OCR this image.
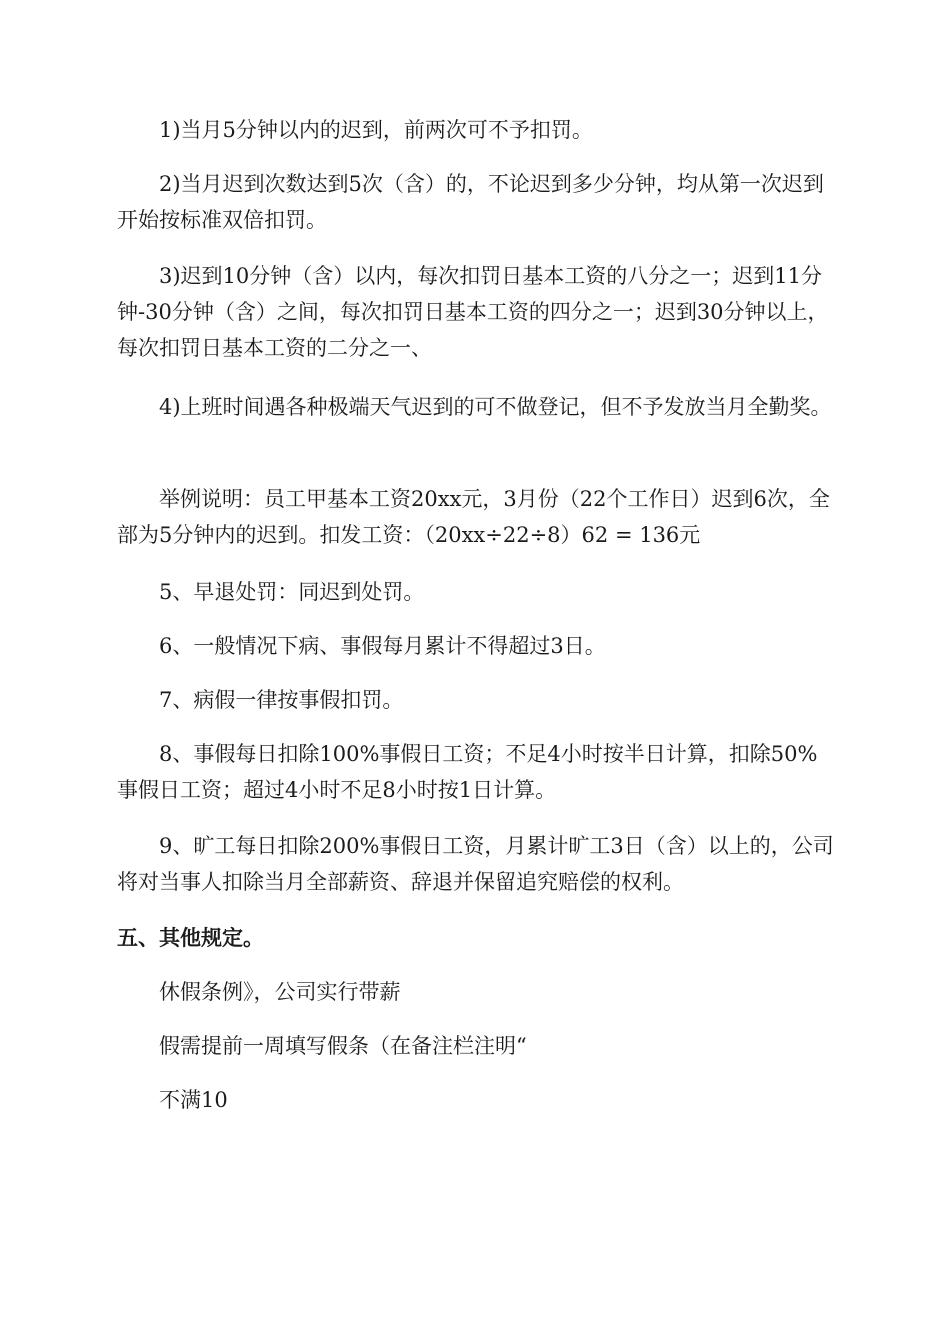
1)当月5分钟以内的迟到，前两次可不予扣罚。

2)当月迟到次数达到5次（含）的，不论迟到多少分钟，均从第一次迟到开始按标准双倍扣罚。

3)迟到10分钟（含）以内，每次扣罚日基本工资的八分之一；迟到11分钟-30分钟（含）之间，每次扣罚日基本工资的四分之一；迟到30分钟以上，每次扣罚日基本工资的二分之一、

4)上班时间遇各种极端天气迟到的可不做登记，但不予发放当月全勤奖。

举例说明：员工甲基本工资20xx元，3月份（22个工作日）迟到6次，全部为5分钟内的迟到。扣发工资：（20xx÷22÷8）62 = 136元

5、早退处罚：同迟到处罚。

6、一般情况下病、事假每月累计不得超过3日。

7、病假一律按事假扣罚。

8、事假每日扣除100%事假日工资；不足4小时按半日计算，扣除50%事假日工资；超过4小时不足8小时按1日计算。

9、旷工每日扣除200%事假日工资，月累计旷工3日（含）以上的，公司将对当事人扣除当月全部薪资、辞退并保留追究赔偿的权利。

五、其他规定。

休假条例》，公司实行带薪

假需提前一周填写假条（在备注栏注明“

不满10
